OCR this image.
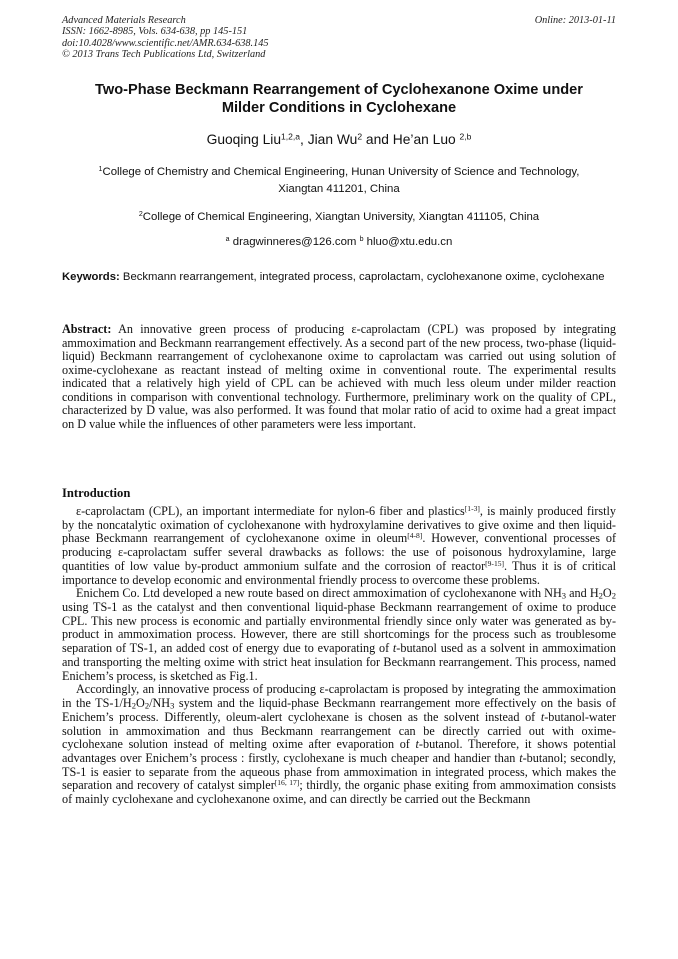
Advanced Materials Research
ISSN: 1662-8985, Vols. 634-638, pp 145-151
doi:10.4028/www.scientific.net/AMR.634-638.145
© 2013 Trans Tech Publications Ltd, Switzerland
Online: 2013-01-11
Two-Phase Beckmann Rearrangement of Cyclohexanone Oxime under
Milder Conditions in Cyclohexane
Guoqing Liu$^{1,2,a}$, Jian Wu$^2$ and He’an Luo $^{2,b}$
$^1$College of Chemistry and Chemical Engineering, Hunan University of Science and Technology,
Xiangtan 411201, China
$^2$College of Chemical Engineering, Xiangtan University, Xiangtan 411105, China
$^a$ dragwinneres@126.com $^b$ hluo@xtu.edu.cn
Keywords: Beckmann rearrangement, integrated process, caprolactam, cyclohexanone oxime, cyclohexane
Abstract: An innovative green process of producing ε-caprolactam (CPL) was proposed by integrating ammoximation and Beckmann rearrangement effectively. As a second part of the new process, two-phase (liquid-liquid) Beckmann rearrangement of cyclohexanone oxime to caprolactam was carried out using solution of oxime-cyclohexane as reactant instead of melting oxime in conventional route. The experimental results indicated that a relatively high yield of CPL can be achieved with much less oleum under milder reaction conditions in comparison with conventional technology. Furthermore, preliminary work on the quality of CPL, characterized by D value, was also performed. It was found that molar ratio of acid to oxime had a great impact on D value while the influences of other parameters were less important.
Introduction

ε-caprolactam (CPL), an important intermediate for nylon-6 fiber and plastics[1-3], is mainly produced firstly by the noncatalytic oximation of cyclohexanone with hydroxylamine derivatives to give oxime and then liquid-phase Beckmann rearrangement of cyclohexanone oxime in oleum[4-8]. However, conventional processes of producing ε-caprolactam suffer several drawbacks as follows: the use of poisonous hydroxylamine, large quantities of low value by-product ammonium sulfate and the corrosion of reactor[9-15]. Thus it is of critical importance to develop economic and environmental friendly process to overcome these problems.

Enichem Co. Ltd developed a new route based on direct ammoximation of cyclohexanone with $NH_3$ and $H_2O_2$ using TS-1 as the catalyst and then conventional liquid-phase Beckmann rearrangement of oxime to produce CPL. This new process is economic and partially environmental friendly since only water was generated as by-product in ammoximation process. However, there are still shortcomings for the process such as troublesome separation of TS-1, an added cost of energy due to evaporating of t-butanol used as a solvent in ammoximation and transporting the melting oxime with strict heat insulation for Beckmann rearrangement. This process, named Enichem’s process, is sketched as Fig.1.

Accordingly, an innovative process of producing ε-caprolactam is proposed by integrating the ammoximation in the $TS-1/H_2O_2/NH_3$ system and the liquid-phase Beckmann rearrangement more effectively on the basis of Enichem’s process. Differently, oleum-alert cyclohexane is chosen as the solvent instead of t-butanol-water solution in ammoximation and thus Beckmann rearrangement can be directly carried out with oxime-cyclohexane solution instead of melting oxime after evaporation of t-butanol. Therefore, it shows potential advantages over Enichem’s process : firstly, cyclohexane is much cheaper and handier than t-butanol; secondly, TS-1 is easier to separate from the aqueous phase from ammoximation in integrated process, which makes the separation and recovery of catalyst simpler[16, 17]; thirdly, the organic phase exiting from ammoximation consists of mainly cyclohexane and cyclohexanone oxime, and can directly be carried out the Beckmann
